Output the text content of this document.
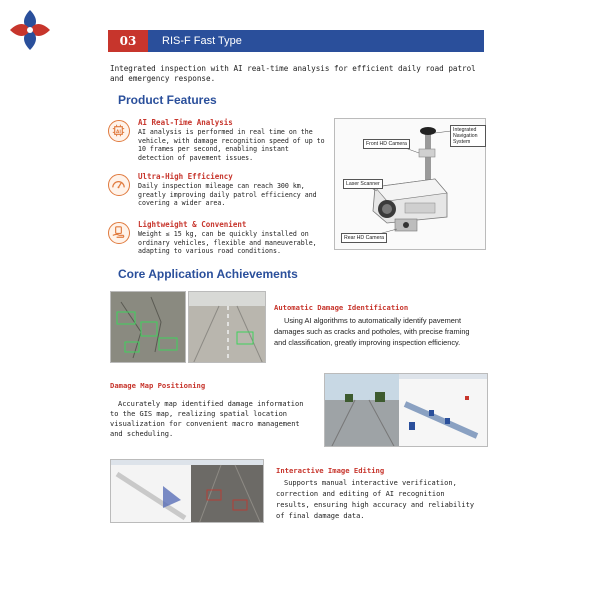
03	RIS-F Fast Type
Integrated inspection with AI real-time analysis for efficient daily road patrol and emergency response.
Product Features
AI
AI Real-Time Analysis
AI analysis is performed in real time on the vehicle, with damage recognition speed of up to 10 frames per second, enabling instant detection of pavement issues.
Ultra-High Efficiency
Daily inspection mileage can reach 300 km, greatly improving daily patrol efficiency and covering a wider area.
Lightweight & Convenient
Weight ≤ 15 kg, can be quickly installed on ordinary vehicles, flexible and maneuverable, adapting to various road conditions.
Integrated Navigation System
Front HD Camera
Laser Scanner
Rear HD Camera
Core Application Achievements
Automatic Damage Identification
Using AI algorithms to automatically identify pavement damages such as cracks and potholes, with precise framing and classification, greatly improving inspection efficiency.
Damage Map Positioning
Accurately map identified damage information to the GIS map, realizing spatial location visualization for convenient macro management and scheduling.
Interactive Image Editing
Supports manual interactive verification, correction and editing of AI recognition results, ensuring high accuracy and reliability of final damage data.
